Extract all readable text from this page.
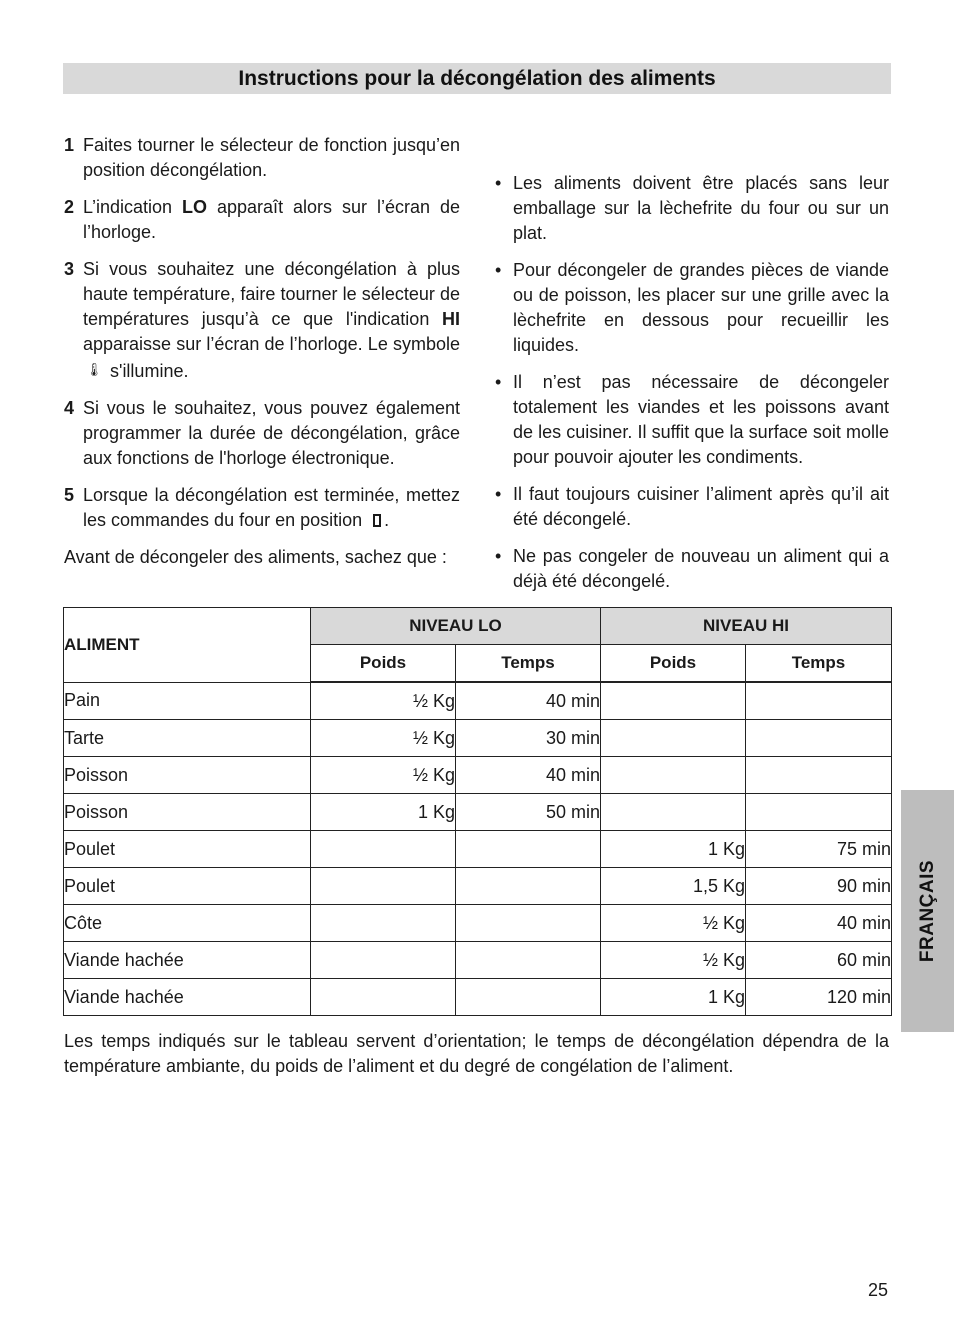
Instructions pour la décongélation des aliments
1 Faites tourner le sélecteur de fonction jusqu’en position décongélation.
2 L’indication LO apparaît alors sur l’écran de l’horloge.
3 Si vous souhaitez une décongélation à plus haute température, faire tourner le sélecteur de températures jusqu’à ce que l'indication HI apparaisse sur l’écran de l’horloge. Le symbole 🌡 s'illumine.
4 Si vous le souhaitez, vous pouvez également programmer la durée de décongélation, grâce aux fonctions de l'horloge électronique.
5 Lorsque la décongélation est terminée, mettez les commandes du four en position .
Avant de décongeler des aliments, sachez que :
• Les aliments doivent être placés sans leur emballage sur la lèchefrite du four ou sur un plat.
• Pour décongeler de grandes pièces de viande ou de poisson, les placer sur une grille avec la lèchefrite en dessous pour recueillir les liquides.
• Il n’est pas nécessaire de décongeler totalement les viandes et les poissons avant de les cuisiner. Il suffit que la surface soit molle pour pouvoir ajouter les condiments.
• Il faut toujours cuisiner l’aliment après qu’il ait été décongelé.
• Ne pas congeler de nouveau un aliment qui a déjà été décongelé.
ALIMENT	NIVEAU LO		NIVEAU HI	
	Poids	Temps	Poids	Temps
Pain	½ Kg	40 min		
Tarte	½ Kg	30 min		
Poisson	½ Kg	40 min		
Poisson	1 Kg	50 min		
Poulet			1 Kg	75 min
Poulet			1,5 Kg	90 min
Côte			½ Kg	40 min
Viande hachée			½ Kg	60 min
Viande hachée			1 Kg	120 min
Les temps indiqués sur le tableau servent d’orientation; le temps de décongélation dépendra de la température ambiante, du poids de l’aliment et du degré de congélation de l’aliment.
FRANÇAIS
25
